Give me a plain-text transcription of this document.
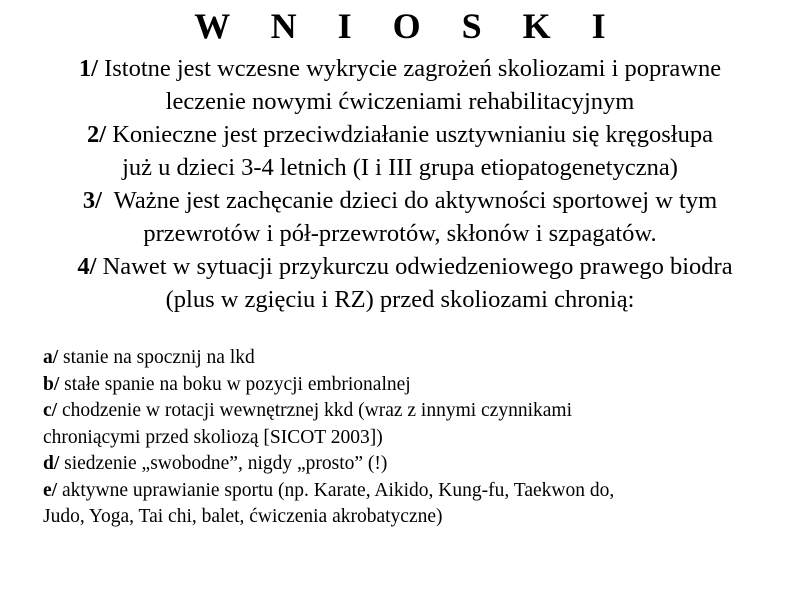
W N I O S K I

1/ Istotne jest wczesne wykrycie zagrożeń skoliozami i poprawne
leczenie nowymi ćwiczeniami rehabilitacyjnym

2/ Konieczne jest przeciwdziałanie usztywnianiu się kręgosłupa
już u dzieci 3-4 letnich (I i III grupa etiopatogenetyczna)

3/  Ważne jest zachęcanie dzieci do aktywności sportowej w tym
przewrotów i pół-przewrotów, skłonów i szpagatów.

4/ Nawet w sytuacji przykurczu odwiedzeniowego prawego biodra
(plus w zgięciu i RZ) przed skoliozami chronią:

a/ stanie na spocznij na lkd

b/ stałe spanie na boku w pozycji embrionalnej

c/ chodzenie w rotacji wewnętrznej kkd (wraz z innymi czynnikami
chroniącymi przed skoliozą [SICOT 2003])

d/ siedzenie „swobodne”, nigdy „prosto” (!)

e/ aktywne uprawianie sportu (np. Karate, Aikido, Kung-fu, Taekwon do,
Judo, Yoga, Tai chi, balet, ćwiczenia akrobatyczne)
